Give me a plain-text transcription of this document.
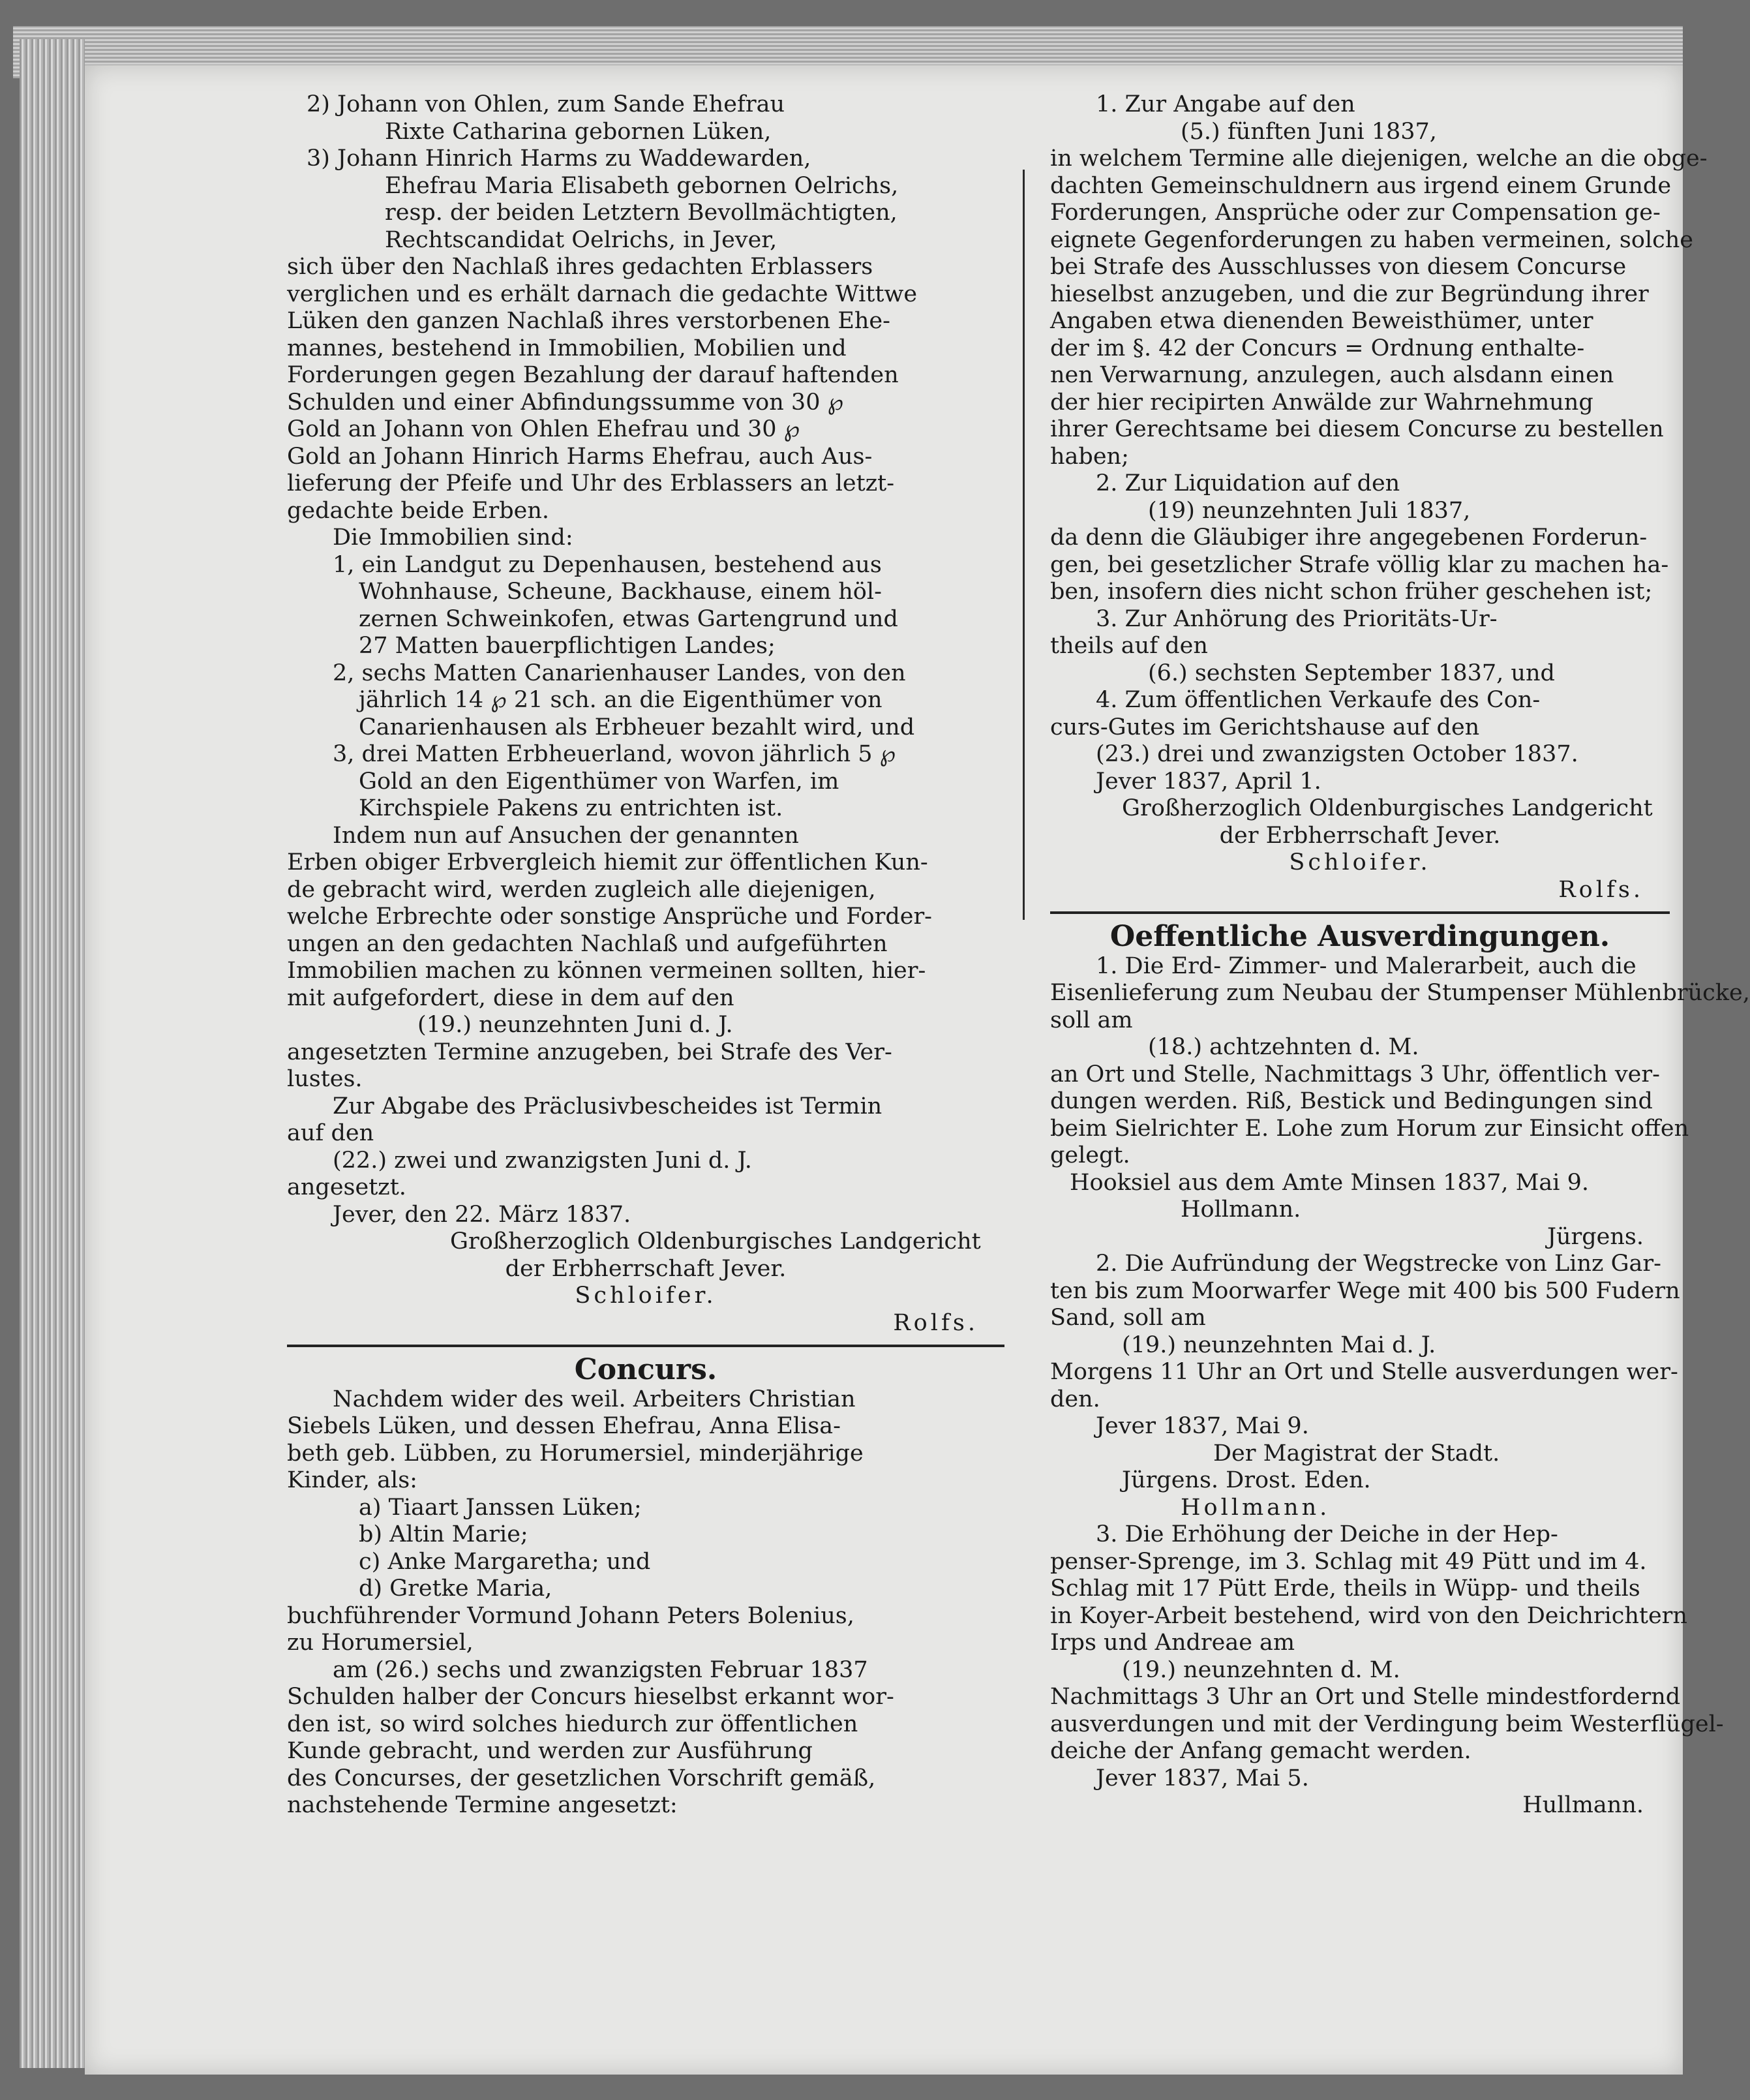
2) Johann von Ohlen, zum Sande Ehefrau

Rixte Catharina gebornen Lüken,

3) Johann Hinrich Harms zu Waddewarden,

Ehefrau Maria Elisabeth gebornen Oelrichs,

resp. der beiden Letztern Bevollmächtigten,

Rechtscandidat Oelrichs, in Jever,

sich über den Nachlaß ihres gedachten Erblassers

verglichen und es erhält darnach die gedachte Wittwe

Lüken den ganzen Nachlaß ihres verstorbenen Ehe-

mannes, bestehend in Immobilien, Mobilien und

Forderungen gegen Bezahlung der darauf haftenden

Schulden und einer Abfindungssumme von 30 ℘

Gold an Johann von Ohlen Ehefrau und 30 ℘

Gold an Johann Hinrich Harms Ehefrau, auch Aus-

lieferung der Pfeife und Uhr des Erblassers an letzt-

gedachte beide Erben.

Die Immobilien sind:

1, ein Landgut zu Depenhausen, bestehend aus

Wohnhause, Scheune, Backhause, einem höl-

zernen Schweinkofen, etwas Gartengrund und

27 Matten bauerpflichtigen Landes;

2, sechs Matten Canarienhauser Landes, von den

jährlich 14 ℘ 21 sch. an die Eigenthümer von

Canarienhausen als Erbheuer bezahlt wird, und

3, drei Matten Erbheuerland, wovon jährlich 5 ℘

Gold an den Eigenthümer von Warfen, im

Kirchspiele Pakens zu entrichten ist.

Indem nun auf Ansuchen der genannten

Erben obiger Erbvergleich hiemit zur öffentlichen Kun-

de gebracht wird, werden zugleich alle diejenigen,

welche Erbrechte oder sonstige Ansprüche und Forder-

ungen an den gedachten Nachlaß und aufgeführten

Immobilien machen zu können vermeinen sollten, hier-

mit aufgefordert, diese in dem auf den

(19.) neunzehnten Juni d. J.

angesetzten Termine anzugeben, bei Strafe des Ver-

lustes.

Zur Abgabe des Präclusivbescheides ist Termin

auf den

(22.) zwei und zwanzigsten Juni d. J.

angesetzt.

Jever, den 22. März 1837.

Großherzoglich Oldenburgisches Landgericht

der Erbherrschaft Jever.

Schloifer.

Rolfs.

Concurs.

Nachdem wider des weil. Arbeiters Christian

Siebels Lüken, und dessen Ehefrau, Anna Elisa-

beth geb. Lübben, zu Horumersiel, minderjährige

Kinder, als:

a) Tiaart Janssen Lüken;

b) Altin Marie;

c) Anke Margaretha; und

d) Gretke Maria,

buchführender Vormund Johann Peters Bolenius,

zu Horumersiel,

am (26.) sechs und zwanzigsten Februar 1837

Schulden halber der Concurs hieselbst erkannt wor-

den ist, so wird solches hiedurch zur öffentlichen

Kunde gebracht, und werden zur Ausführung

des Concurses, der gesetzlichen Vorschrift gemäß,

nachstehende Termine angesetzt:

1. Zur Angabe auf den

(5.) fünften Juni 1837,

in welchem Termine alle diejenigen, welche an die obge-

dachten Gemeinschuldnern aus irgend einem Grunde

Forderungen, Ansprüche oder zur Compensation ge-

eignete Gegenforderungen zu haben vermeinen, solche

bei Strafe des Ausschlusses von diesem Concurse

hieselbst anzugeben, und die zur Begründung ihrer

Angaben etwa dienenden Beweisthümer, unter

der im §. 42 der Concurs = Ordnung enthalte-

nen Verwarnung, anzulegen, auch alsdann einen

der hier recipirten Anwälde zur Wahrnehmung

ihrer Gerechtsame bei diesem Concurse zu bestellen

haben;

2. Zur Liquidation auf den

(19) neunzehnten Juli 1837,

da denn die Gläubiger ihre angegebenen Forderun-

gen, bei gesetzlicher Strafe völlig klar zu machen ha-

ben, insofern dies nicht schon früher geschehen ist;

3. Zur Anhörung des Prioritäts-Ur-

theils auf den

(6.) sechsten September 1837, und

4. Zum öffentlichen Verkaufe des Con-

curs-Gutes im Gerichtshause auf den

(23.) drei und zwanzigsten October 1837.

Jever 1837, April 1.

Großherzoglich Oldenburgisches Landgericht

der Erbherrschaft Jever.

Schloifer.

Rolfs.

Oeffentliche Ausverdingungen.

1. Die Erd- Zimmer- und Malerarbeit, auch die

Eisenlieferung zum Neubau der Stumpenser Mühlenbrücke,

soll am

(18.) achtzehnten d. M.

an Ort und Stelle, Nachmittags 3 Uhr, öffentlich ver-

dungen werden. Riß, Bestick und Bedingungen sind

beim Sielrichter E. Lohe zum Horum zur Einsicht offen

gelegt.

Hooksiel aus dem Amte Minsen 1837, Mai 9.

Hollmann.

Jürgens.

2. Die Aufründung der Wegstrecke von Linz Gar-

ten bis zum Moorwarfer Wege mit 400 bis 500 Fudern

Sand, soll am

(19.) neunzehnten Mai d. J.

Morgens 11 Uhr an Ort und Stelle ausverdungen wer-

den.

Jever 1837, Mai 9.

Der Magistrat der Stadt.

Jürgens. Drost. Eden.

Hollmann.

3. Die Erhöhung der Deiche in der Hep-

penser-Sprenge, im 3. Schlag mit 49 Pütt und im 4.

Schlag mit 17 Pütt Erde, theils in Wüpp- und theils

in Koyer-Arbeit bestehend, wird von den Deichrichtern

Irps und Andreae am

(19.) neunzehnten d. M.

Nachmittags 3 Uhr an Ort und Stelle mindestfordernd

ausverdungen und mit der Verdingung beim Westerflügel-

deiche der Anfang gemacht werden.

Jever 1837, Mai 5.

Hullmann.
